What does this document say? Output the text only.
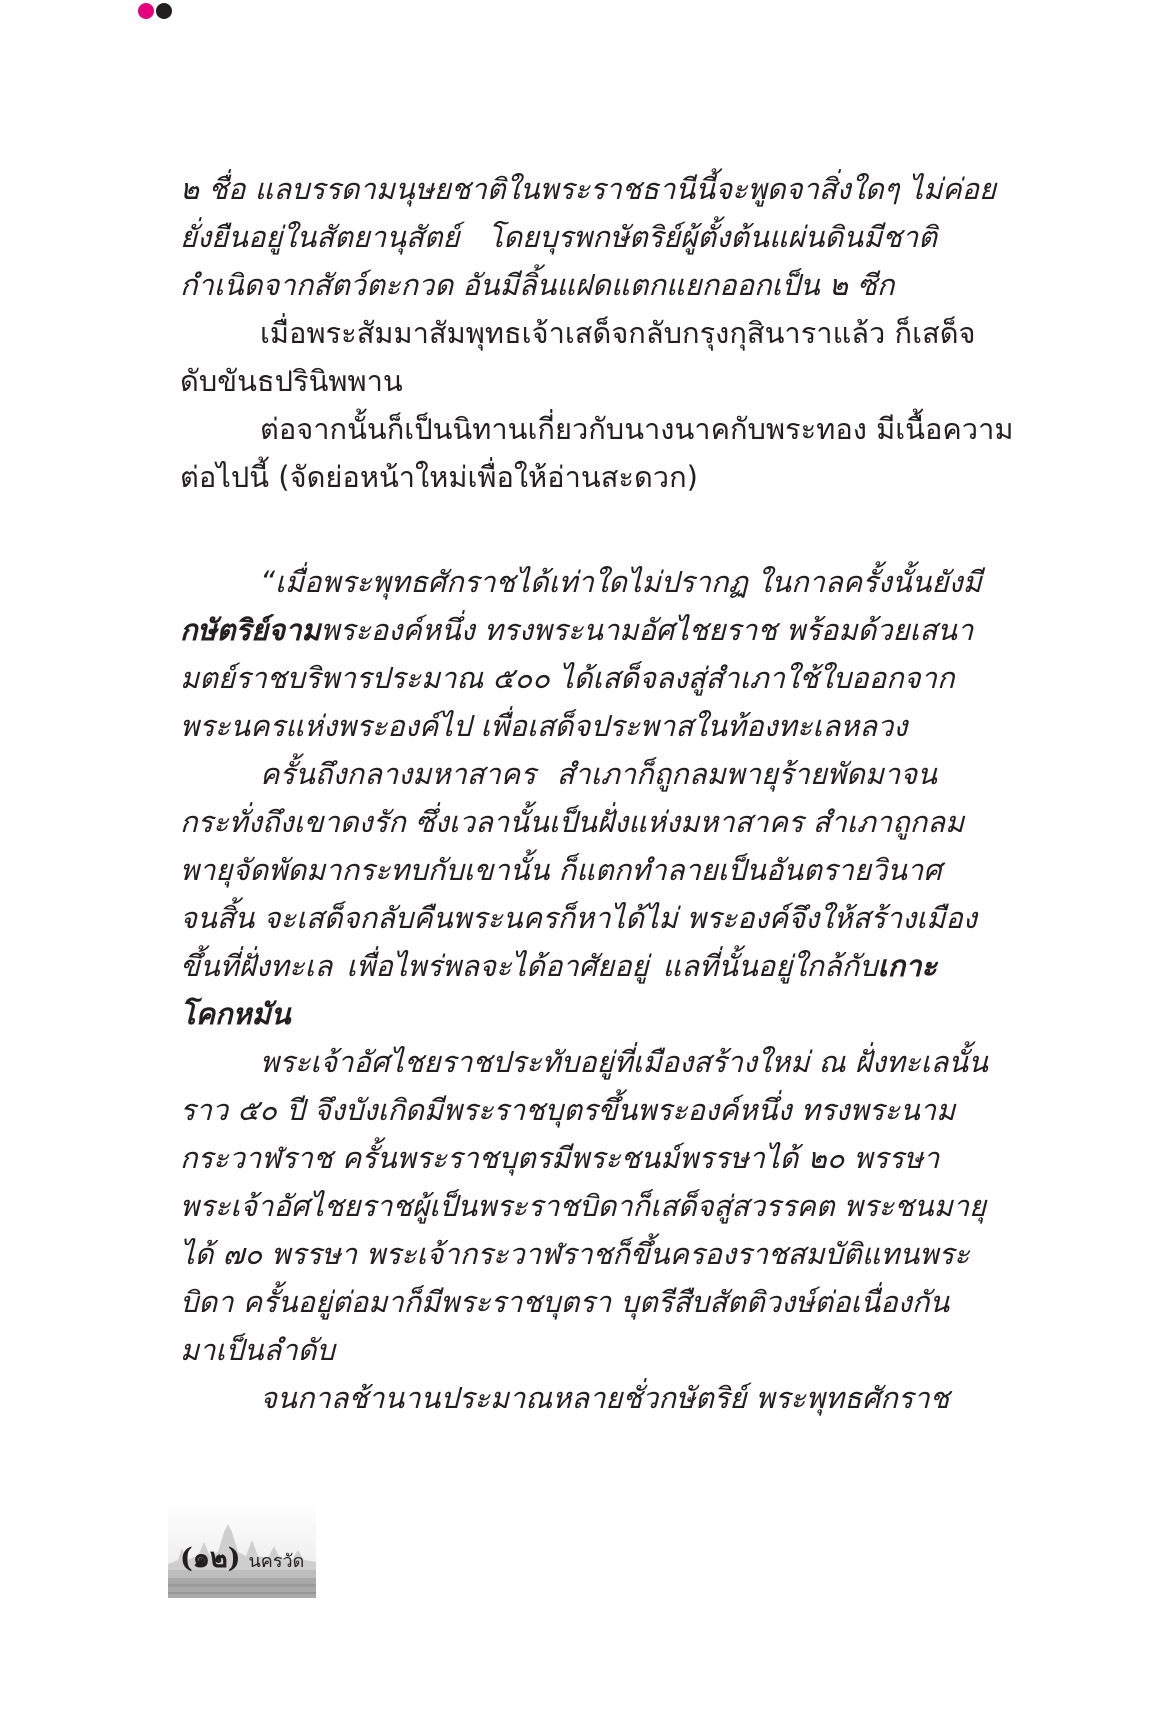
๒ ชื่อ แลบรรดามนุษยชาติในพระราชธานีนี้จะพูดจาสิ่งใดๆ ไม่ค่อย
ยั่งยืนอยู่ในสัตยานุสัตย์ โดยบุรพกษัตริย์ผู้ตั้งต้นแผ่นดินมีชาติ
กำเนิดจากสัตว์ตะกวด อันมีลิ้นแฝดแตกแยกออกเป็น ๒ ซีก
เมื่อพระสัมมาสัมพุทธเจ้าเสด็จกลับกรุงกุสินาราแล้ว ก็เสด็จ
ดับขันธปรินิพพาน
ต่อจากนั้นก็เป็นนิทานเกี่ยวกับนางนาคกับพระทอง มีเนื้อความ
ต่อไปนี้ (จัดย่อหน้าใหม่เพื่อให้อ่านสะดวก)
“เมื่อพระพุทธศักราชได้เท่าใดไม่ปรากฏ ในกาลครั้งนั้นยังมี
กษัตริย์จามพระองค์หนึ่ง ทรงพระนามอัศไชยราช พร้อมด้วยเสนา
มตย์ราชบริพารประมาณ ๕๐๐ ได้เสด็จลงสู่สำเภาใช้ใบออกจาก
พระนครแห่งพระองค์ไป เพื่อเสด็จประพาสในท้องทะเลหลวง
ครั้นถึงกลางมหาสาคร สำเภาก็ถูกลมพายุร้ายพัดมาจน
กระทั่งถึงเขาดงรัก ซึ่งเวลานั้นเป็นฝั่งแห่งมหาสาคร สำเภาถูกลม
พายุจัดพัดมากระทบกับเขานั้น ก็แตกทำลายเป็นอันตรายวินาศ
จนสิ้น จะเสด็จกลับคืนพระนครก็หาได้ไม่ พระองค์จึงให้สร้างเมือง
ขึ้นที่ฝั่งทะเล เพื่อไพร่พลจะได้อาศัยอยู่ แลที่นั้นอยู่ใกล้กับเกาะ
โคกหมัน
พระเจ้าอัศไชยราชประทับอยู่ที่เมืองสร้างใหม่ ณ ฝั่งทะเลนั้น
ราว ๕๐ ปี จึงบังเกิดมีพระราชบุตรขึ้นพระองค์หนึ่ง ทรงพระนาม
กระวาฬราช ครั้นพระราชบุตรมีพระชนม์พรรษาได้ ๒๐ พรรษา
พระเจ้าอัศไชยราชผู้เป็นพระราชบิดาก็เสด็จสู่สวรรคต พระชนมายุ
ได้ ๗๐ พรรษา พระเจ้ากระวาฬราชก็ขึ้นครองราชสมบัติแทนพระ
บิดา ครั้นอยู่ต่อมาก็มีพระราชบุตรา บุตรีสืบสัตติวงษ์ต่อเนื่องกัน
มาเป็นลำดับ
จนกาลช้านานประมาณหลายชั่วกษัตริย์ พระพุทธศักราช
(๑๒) นครวัด
